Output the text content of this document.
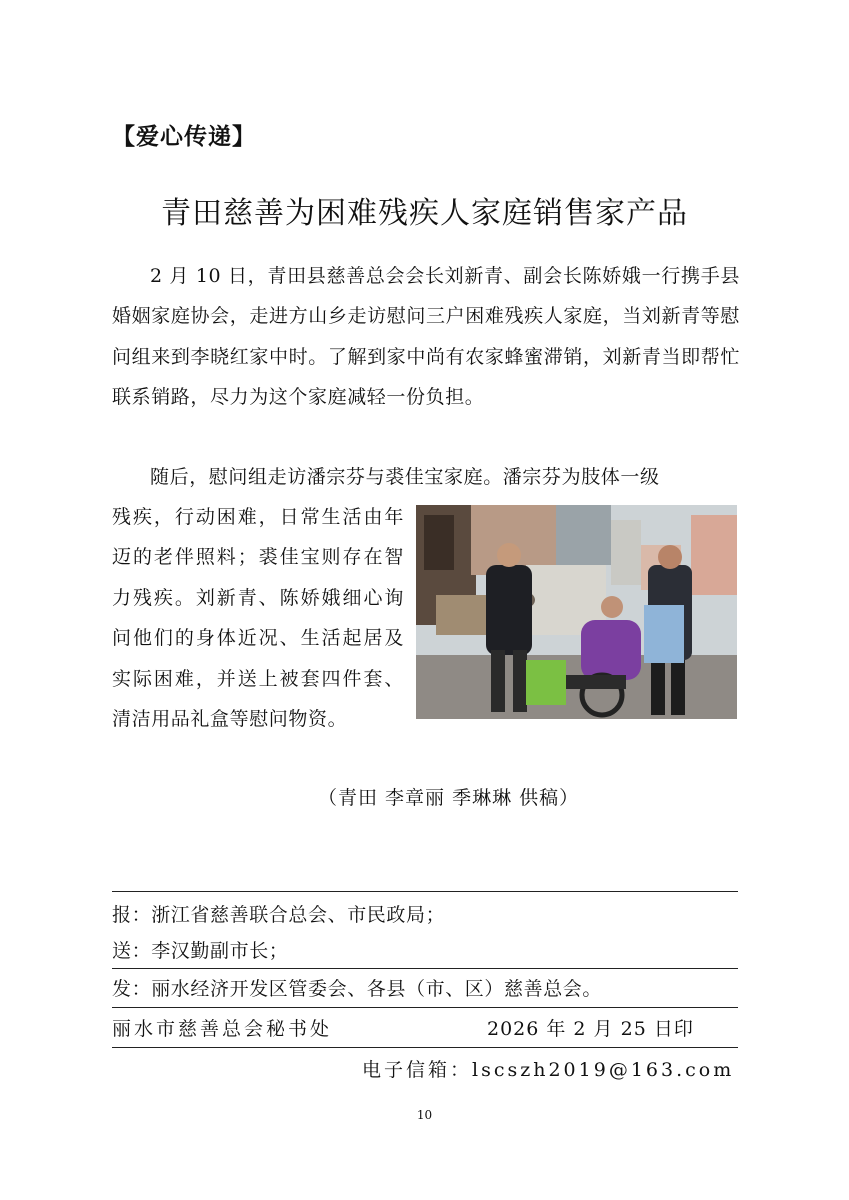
【爱心传递】
青田慈善为困难残疾人家庭销售家产品
2 月 10 日，青田县慈善总会会长刘新青、副会长陈娇娥一行携手县婚姻家庭协会，走进方山乡走访慰问三户困难残疾人家庭，当刘新青等慰问组来到李晓红家中时。了解到家中尚有农家蜂蜜滞销，刘新青当即帮忙联系销路，尽力为这个家庭减轻一份负担。
随后，慰问组走访潘宗芬与裘佳宝家庭。潘宗芬为肢体一级
残疾，行动困难，日常生活由年迈的老伴照料；裘佳宝则存在智力残疾。刘新青、陈娇娥细心询问他们的身体近况、生活起居及实际困难，并送上被套四件套、清洁用品礼盒等慰问物资。
（青田 李章丽 季琳琳 供稿）
报：浙江省慈善联合总会、市民政局；
送：李汉勤副市长；
发：丽水经济开发区管委会、各县（市、区）慈善总会。
丽水市慈善总会秘书处	2026 年 2 月 25 日印
电子信箱：lscszh2019@163.com
10
